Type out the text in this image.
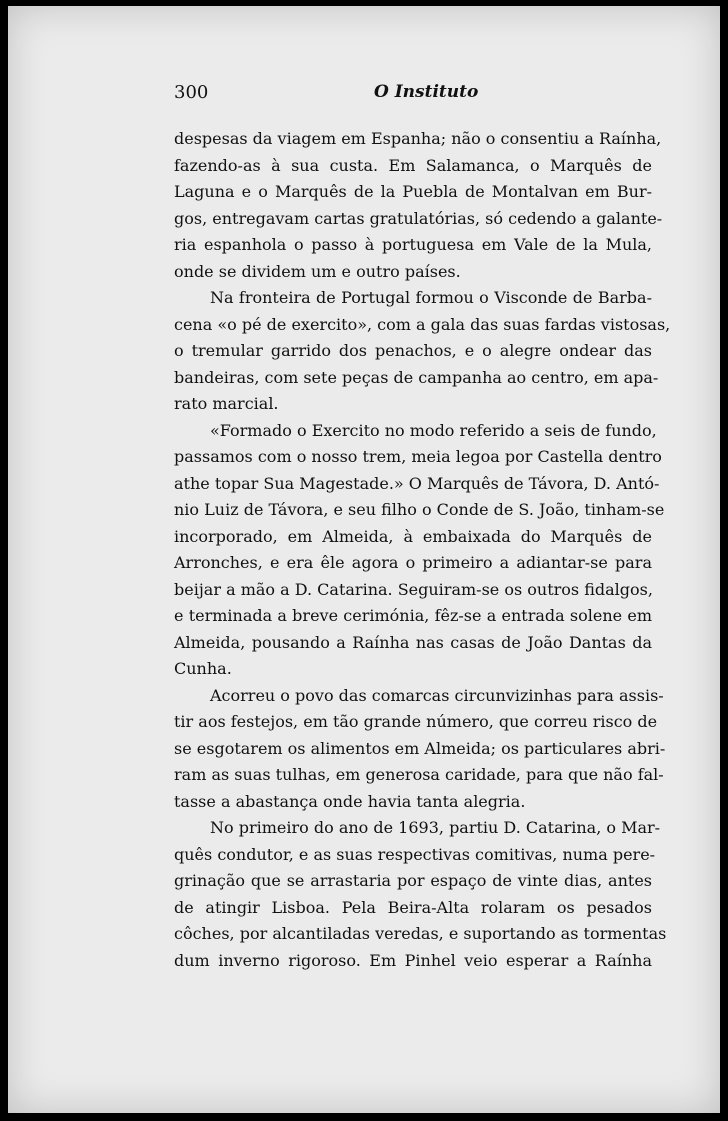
300	O Instituto
despesas da viagem em Espanha; não o consentiu a Raínha,
fazendo-as à sua custa. Em Salamanca, o Marquês de
Laguna e o Marquês de la Puebla de Montalvan em Bur-
gos, entregavam cartas gratulatórias, só cedendo a galante-
ria espanhola o passo à portuguesa em Vale de la Mula,
onde se dividem um e outro países.
Na fronteira de Portugal formou o Visconde de Barba-
cena «o pé de exercito», com a gala das suas fardas vistosas,
o tremular garrido dos penachos, e o alegre ondear das
bandeiras, com sete peças de campanha ao centro, em apa-
rato marcial.
«Formado o Exercito no modo referido a seis de fundo,
passamos com o nosso trem, meia legoa por Castella dentro
athe topar Sua Magestade.» O Marquês de Távora, D. Antó-
nio Luiz de Távora, e seu filho o Conde de S. João, tinham-se
incorporado, em Almeida, à embaixada do Marquês de
Arronches, e era êle agora o primeiro a adiantar-se para
beijar a mão a D. Catarina. Seguiram-se os outros fidalgos,
e terminada a breve cerimónia, fêz-se a entrada solene em
Almeida, pousando a Raínha nas casas de João Dantas da
Cunha.
Acorreu o povo das comarcas circunvizinhas para assis-
tir aos festejos, em tão grande número, que correu risco de
se esgotarem os alimentos em Almeida; os particulares abri-
ram as suas tulhas, em generosa caridade, para que não fal-
tasse a abastança onde havia tanta alegria.
No primeiro do ano de 1693, partiu D. Catarina, o Mar-
quês condutor, e as suas respectivas comitivas, numa pere-
grinação que se arrastaria por espaço de vinte dias, antes
de atingir Lisboa. Pela Beira-Alta rolaram os pesados
côches, por alcantiladas veredas, e suportando as tormentas
dum inverno rigoroso. Em Pinhel veio esperar a Raínha
